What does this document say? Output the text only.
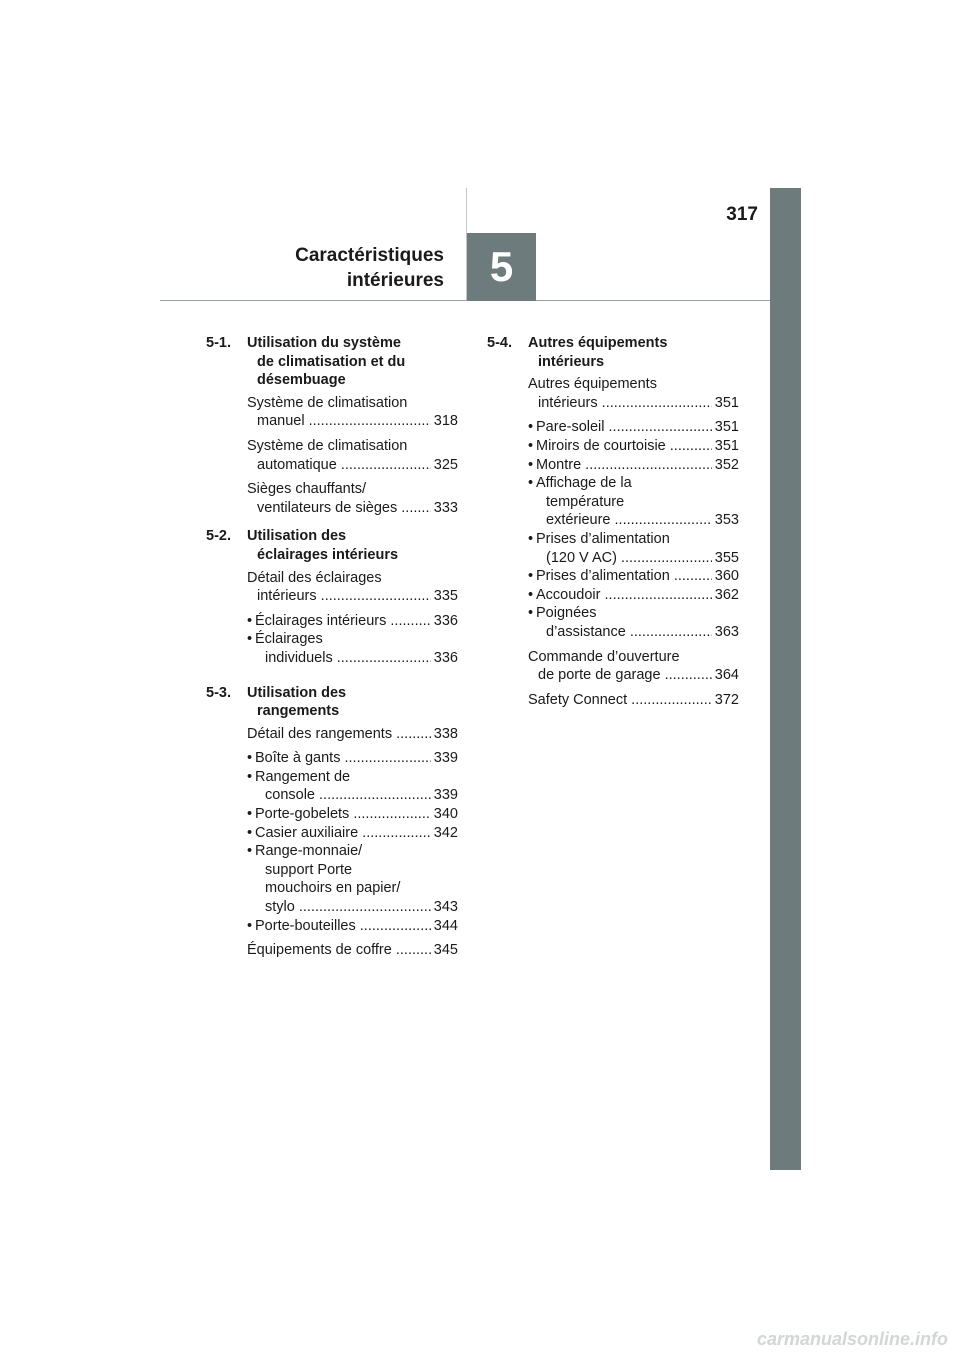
5
317
Caractéristiques
intérieures
5-1.	Utilisation du système
de climatisation et du
désembuage
Système de climatisation
manuel .....	318
Système de climatisation
automatique .....	325
Sièges chauffants/
ventilateurs de sièges .....	333
5-2.	Utilisation des
éclairages intérieurs
Détail des éclairages
intérieurs .....	335
• Éclairages intérieurs .....	336
• Éclairages
individuels .....	336
5-3.	Utilisation des
rangements
Détail des rangements .....	338
• Boîte à gants .....	339
• Rangement de
console .....	339
• Porte-gobelets .....	340
• Casier auxiliaire .....	342
• Range-monnaie/
support Porte
mouchoirs en papier/
stylo .....	343
• Porte-bouteilles .....	344
Équipements de coffre .....	345
5-4.	Autres équipements
intérieurs
Autres équipements
intérieurs .....	351
• Pare-soleil .....	351
• Miroirs de courtoisie .....	351
• Montre .....	352
• Affichage de la
température
extérieure .....	353
• Prises d’alimentation
(120 V AC) .....	355
• Prises d’alimentation .....	360
• Accoudoir .....	362
• Poignées
d’assistance .....	363
Commande d’ouverture
de porte de garage .....	364
Safety Connect .....	372
carmanualsonline.info
